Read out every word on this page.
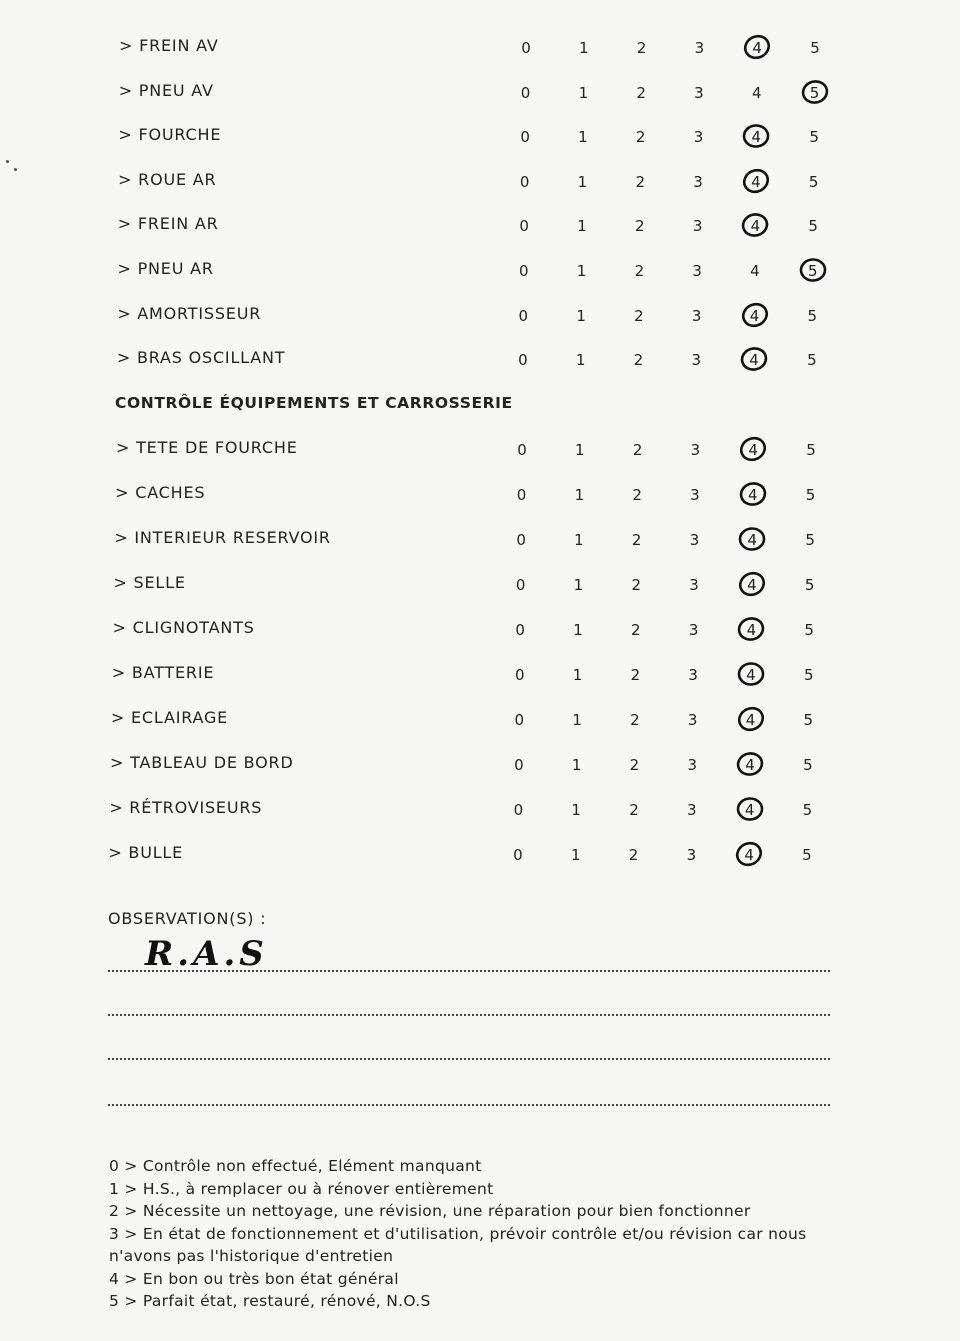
> FREIN AV	0	1	2	3	4	5
> PNEU AV	0	1	2	3	4	5
> FOURCHE	0	1	2	3	4	5
> ROUE AR	0	1	2	3	4	5
> FREIN AR	0	1	2	3	4	5
> PNEU AR	0	1	2	3	4	5
> AMORTISSEUR	0	1	2	3	4	5
> BRAS OSCILLANT	0	1	2	3	4	5
CONTRÔLE ÉQUIPEMENTS ET CARROSSERIE
> TETE DE FOURCHE	0	1	2	3	4	5
> CACHES	0	1	2	3	4	5
> INTERIEUR RESERVOIR	0	1	2	3	4	5
> SELLE	0	1	2	3	4	5
> CLIGNOTANTS	0	1	2	3	4	5
> BATTERIE	0	1	2	3	4	5
> ECLAIRAGE	0	1	2	3	4	5
> TABLEAU DE BORD	0	1	2	3	4	5
> RÉTROVISEURS	0	1	2	3	4	5
> BULLE	0	1	2	3	4	5
OBSERVATION(S) :
R.A.S
0 > Contrôle non effectué, Elément manquant
1 > H.S., à remplacer ou à rénover entièrement
2 > Nécessite un nettoyage, une révision, une réparation pour bien fonctionner
3 > En état de fonctionnement et d'utilisation, prévoir contrôle et/ou révision car nous
n'avons pas l'historique d'entretien
4 > En bon ou très bon état général
5 > Parfait état, restauré, rénové, N.O.S
